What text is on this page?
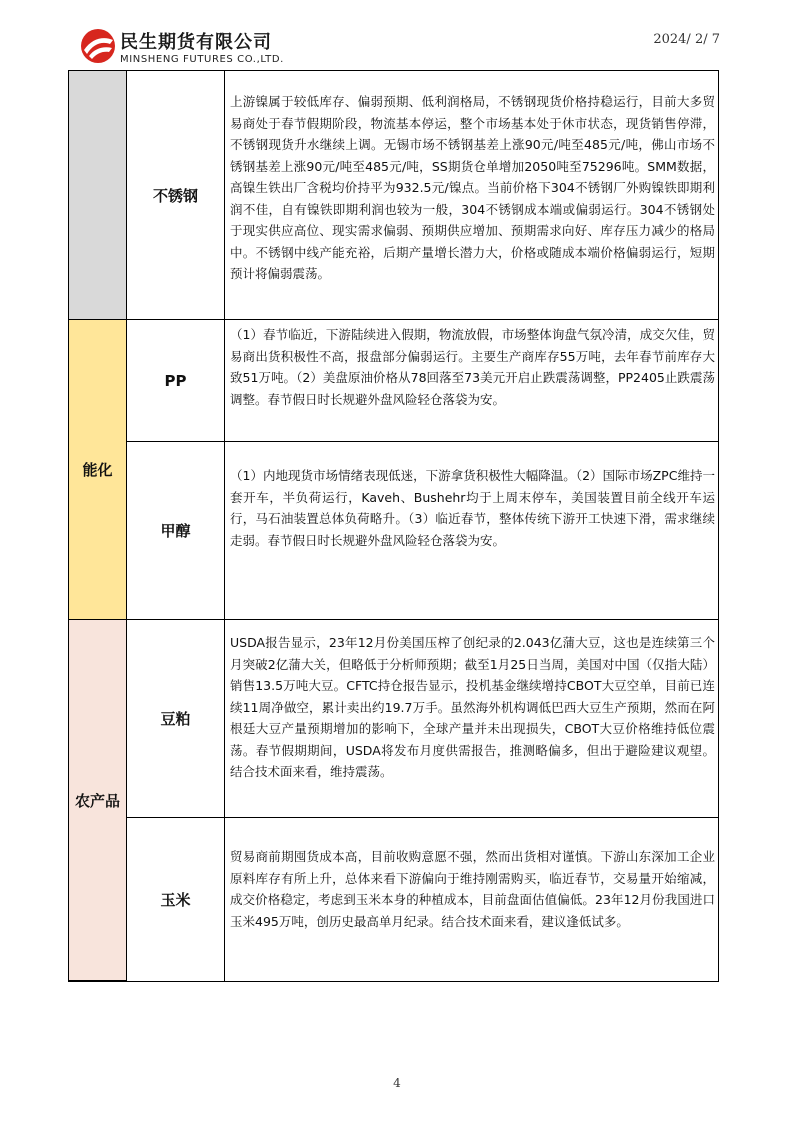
民生期货有限公司
MINSHENG FUTURES CO.,LTD.
2024/ 2/ 7
不锈钢
上游镍属于较低库存、偏弱预期、低利润格局，不锈钢现货价格持稳运行，目前大多贸易商处于春节假期阶段，物流基本停运，整个市场基本处于休市状态，现货销售停滞，不锈钢现货升水继续上调。无锡市场不锈钢基差上涨90元/吨至485元/吨，佛山市场不锈钢基差上涨90元/吨至485元/吨，SS期货仓单增加2050吨至75296吨。SMM数据，高镍生铁出厂含税均价持平为932.5元/镍点。当前价格下304不锈钢厂外购镍铁即期利润不佳，自有镍铁即期利润也较为一般，304不锈钢成本端或偏弱运行。304不锈钢处于现实供应高位、现实需求偏弱、预期供应增加、预期需求向好、库存压力减少的格局中。不锈钢中线产能充裕，后期产量增长潜力大，价格或随成本端价格偏弱运行，短期预计将偏弱震荡。
能化
PP
（1）春节临近，下游陆续进入假期，物流放假，市场整体询盘气氛冷清，成交欠佳，贸易商出货积极性不高，报盘部分偏弱运行。主要生产商库存55万吨，去年春节前库存大致51万吨。（2）美盘原油价格从78回落至73美元开启止跌震荡调整，PP2405止跌震荡调整。春节假日时长规避外盘风险轻仓落袋为安。
甲醇
（1）内地现货市场情绪表现低迷，下游拿货积极性大幅降温。（2）国际市场ZPC维持一套开车，半负荷运行，Kaveh、Bushehr均于上周末停车，美国装置目前全线开车运行，马石油装置总体负荷略升。（3）临近春节，整体传统下游开工快速下滑，需求继续走弱。春节假日时长规避外盘风险轻仓落袋为安。
农产品
豆粕
USDA报告显示，23年12月份美国压榨了创纪录的2.043亿蒲大豆，这也是连续第三个月突破2亿蒲大关，但略低于分析师预期；截至1月25日当周，美国对中国（仅指大陆）销售13.5万吨大豆。CFTC持仓报告显示，投机基金继续增持CBOT大豆空单，目前已连续11周净做空，累计卖出约19.7万手。虽然海外机构调低巴西大豆生产预期，然而在阿根廷大豆产量预期增加的影响下，全球产量并未出现损失，CBOT大豆价格维持低位震荡。春节假期期间，USDA将发布月度供需报告，推测略偏多，但出于避险建议观望。结合技术面来看，维持震荡。
玉米
贸易商前期囤货成本高，目前收购意愿不强，然而出货相对谨慎。下游山东深加工企业原料库存有所上升，总体来看下游偏向于维持刚需购买，临近春节，交易量开始缩减，成交价格稳定，考虑到玉米本身的种植成本，目前盘面估值偏低。23年12月份我国进口玉米495万吨，创历史最高单月纪录。结合技术面来看，建议逢低试多。
4
